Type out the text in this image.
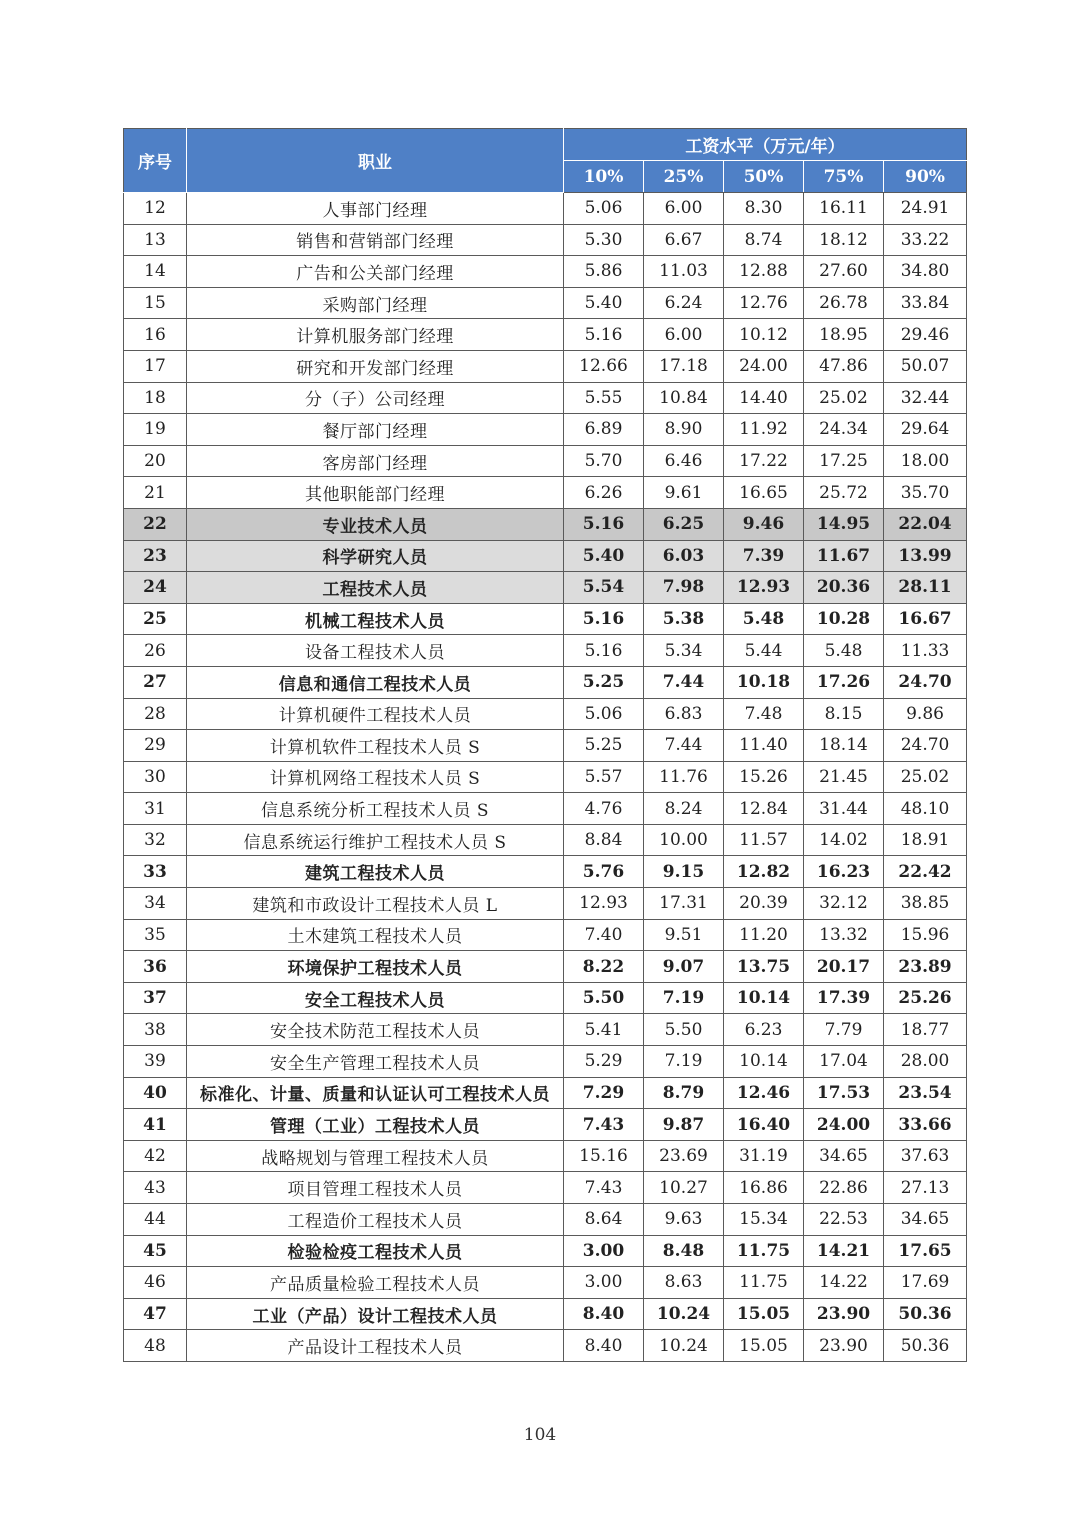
序号	职业	工资水平（万元/年）				
		10%	25%	50%	75%	90%
12	人事部门经理	5.06	6.00	8.30	16.11	24.91
13	销售和营销部门经理	5.30	6.67	8.74	18.12	33.22
14	广告和公关部门经理	5.86	11.03	12.88	27.60	34.80
15	采购部门经理	5.40	6.24	12.76	26.78	33.84
16	计算机服务部门经理	5.16	6.00	10.12	18.95	29.46
17	研究和开发部门经理	12.66	17.18	24.00	47.86	50.07
18	分（子）公司经理	5.55	10.84	14.40	25.02	32.44
19	餐厅部门经理	6.89	8.90	11.92	24.34	29.64
20	客房部门经理	5.70	6.46	17.22	17.25	18.00
21	其他职能部门经理	6.26	9.61	16.65	25.72	35.70
22	专业技术人员	5.16	6.25	9.46	14.95	22.04
23	科学研究人员	5.40	6.03	7.39	11.67	13.99
24	工程技术人员	5.54	7.98	12.93	20.36	28.11
25	机械工程技术人员	5.16	5.38	5.48	10.28	16.67
26	设备工程技术人员	5.16	5.34	5.44	5.48	11.33
27	信息和通信工程技术人员	5.25	7.44	10.18	17.26	24.70
28	计算机硬件工程技术人员	5.06	6.83	7.48	8.15	9.86
29	计算机软件工程技术人员 S	5.25	7.44	11.40	18.14	24.70
30	计算机网络工程技术人员 S	5.57	11.76	15.26	21.45	25.02
31	信息系统分析工程技术人员 S	4.76	8.24	12.84	31.44	48.10
32	信息系统运行维护工程技术人员 S	8.84	10.00	11.57	14.02	18.91
33	建筑工程技术人员	5.76	9.15	12.82	16.23	22.42
34	建筑和市政设计工程技术人员 L	12.93	17.31	20.39	32.12	38.85
35	土木建筑工程技术人员	7.40	9.51	11.20	13.32	15.96
36	环境保护工程技术人员	8.22	9.07	13.75	20.17	23.89
37	安全工程技术人员	5.50	7.19	10.14	17.39	25.26
38	安全技术防范工程技术人员	5.41	5.50	6.23	7.79	18.77
39	安全生产管理工程技术人员	5.29	7.19	10.14	17.04	28.00
40	标准化、计量、质量和认证认可工程技术人员	7.29	8.79	12.46	17.53	23.54
41	管理（工业）工程技术人员	7.43	9.87	16.40	24.00	33.66
42	战略规划与管理工程技术人员	15.16	23.69	31.19	34.65	37.63
43	项目管理工程技术人员	7.43	10.27	16.86	22.86	27.13
44	工程造价工程技术人员	8.64	9.63	15.34	22.53	34.65
45	检验检疫工程技术人员	3.00	8.48	11.75	14.21	17.65
46	产品质量检验工程技术人员	3.00	8.63	11.75	14.22	17.69
47	工业（产品）设计工程技术人员	8.40	10.24	15.05	23.90	50.36
48	产品设计工程技术人员	8.40	10.24	15.05	23.90	50.36
104
